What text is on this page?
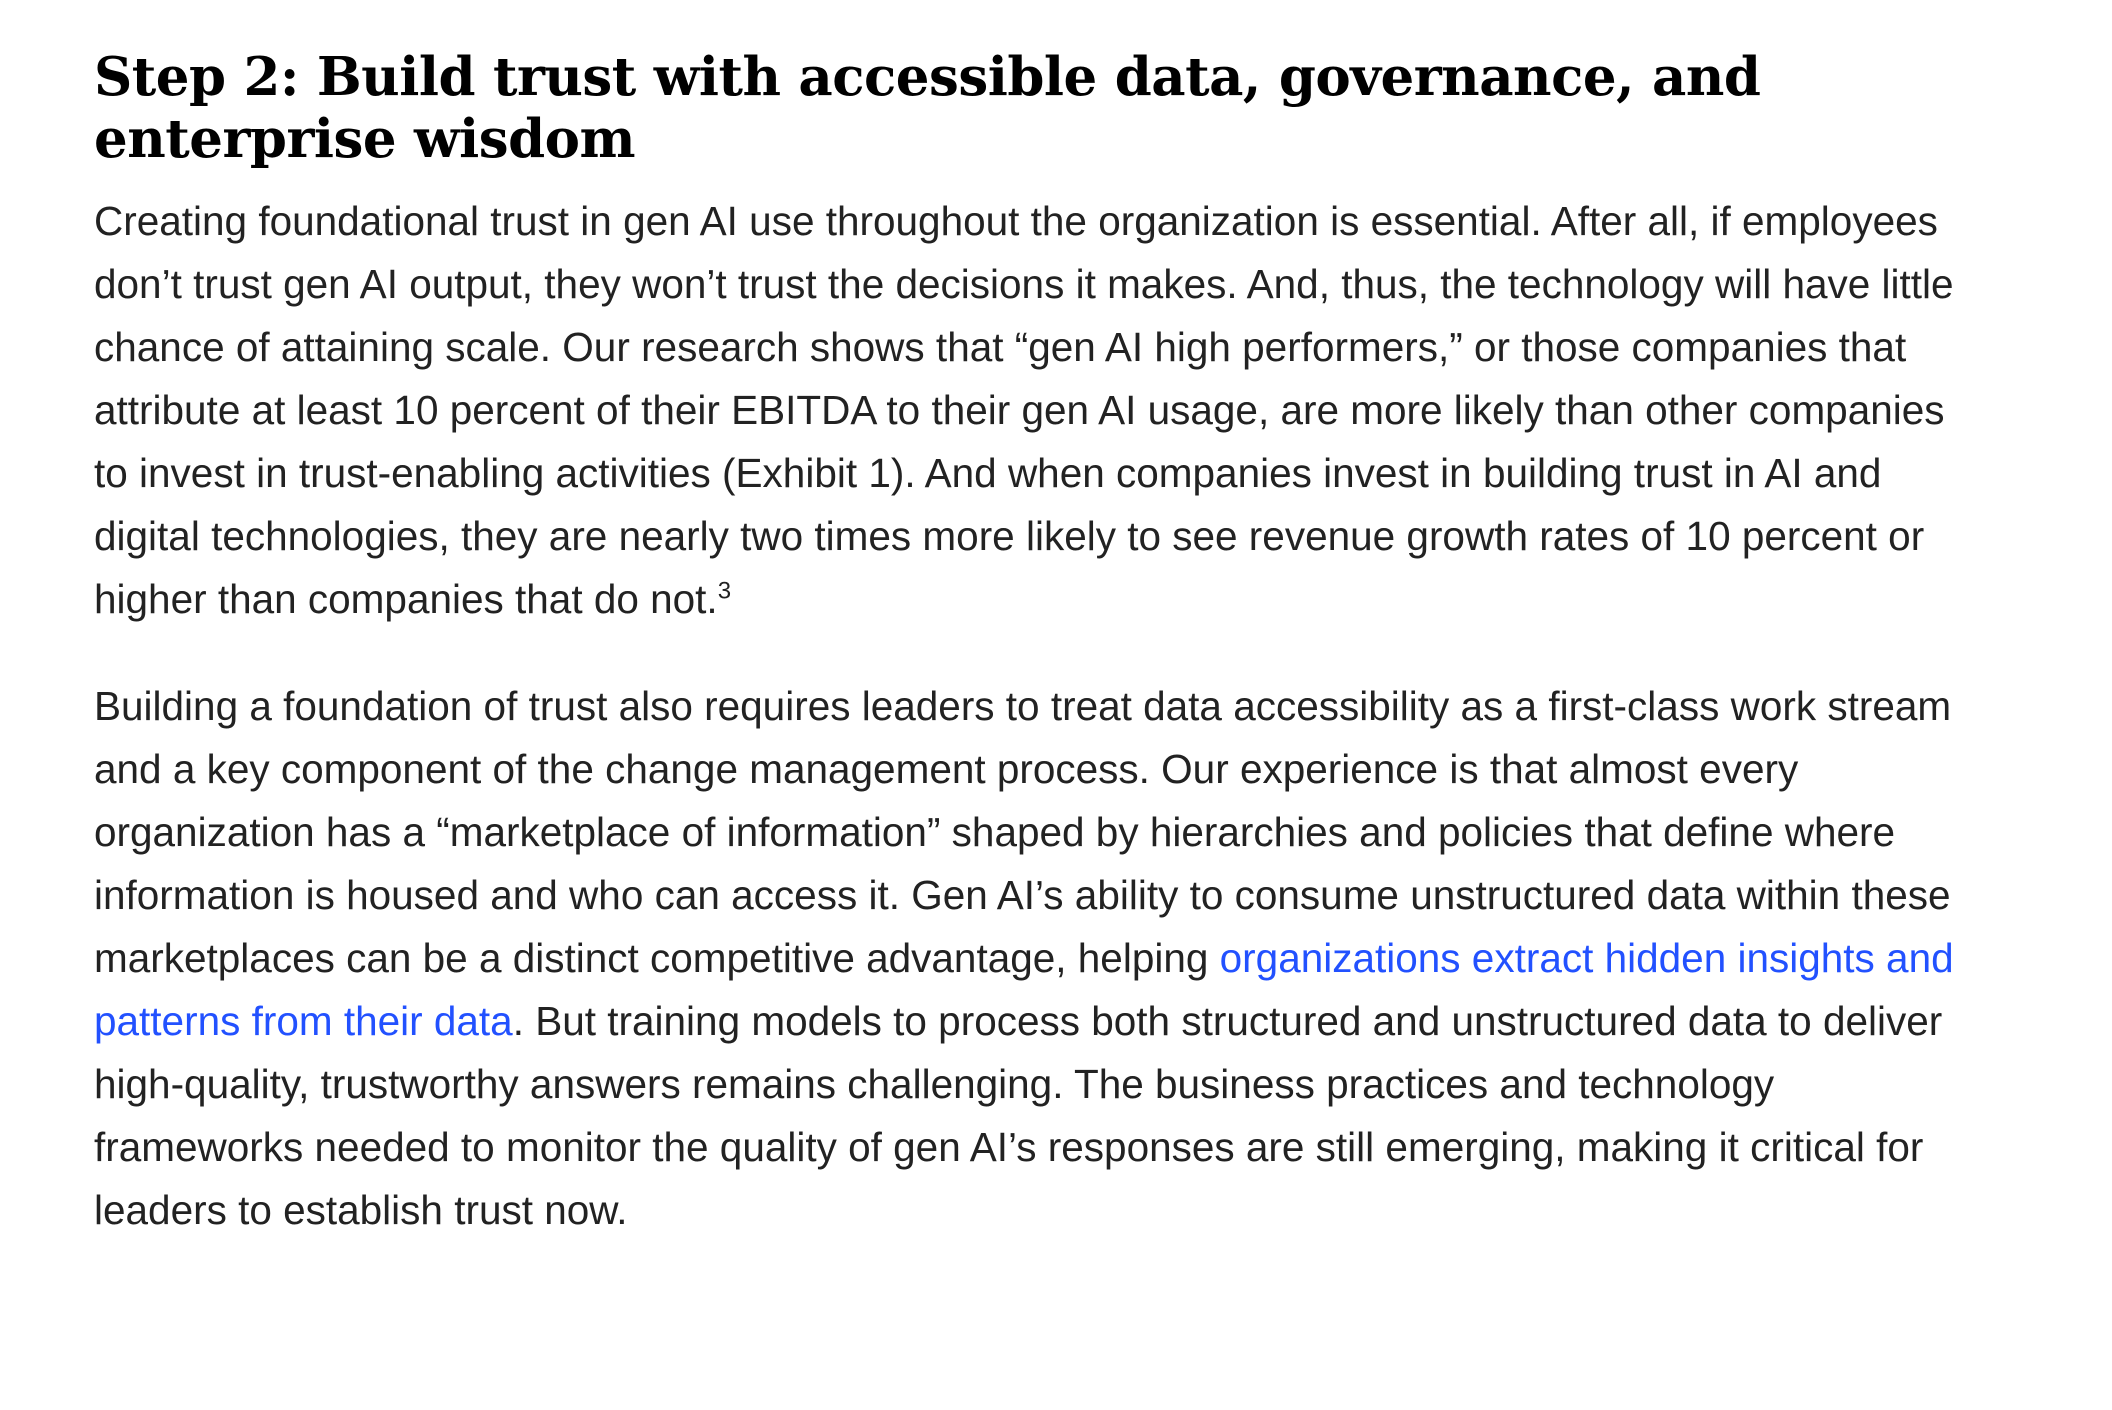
Step 2: Build trust with accessible data, governance, and enterprise wisdom

Creating foundational trust in gen AI use throughout the organization is essential. After all, if employees don’t trust gen AI output, they won’t trust the decisions it makes. And, thus, the technology will have little chance of attaining scale. Our research shows that “gen AI high performers,” or those companies that attribute at least 10 percent of their EBITDA to their gen AI usage, are more likely than other companies to invest in trust-enabling activities (Exhibit 1). And when companies invest in building trust in AI and digital technologies, they are nearly two times more likely to see revenue growth rates of 10 percent or higher than companies that do not.$^3$

Building a foundation of trust also requires leaders to treat data accessibility as a first-class work stream and a key component of the change management process. Our experience is that almost every organization has a “marketplace of information” shaped by hierarchies and policies that define where information is housed and who can access it. Gen AI’s ability to consume unstructured data within these marketplaces can be a distinct competitive advantage, helping organizations extract hidden insights and patterns from their data. But training models to process both structured and unstructured data to deliver high-quality, trustworthy answers remains challenging. The business practices and technology frameworks needed to monitor the quality of gen AI’s responses are still emerging, making it critical for leaders to establish trust now.
